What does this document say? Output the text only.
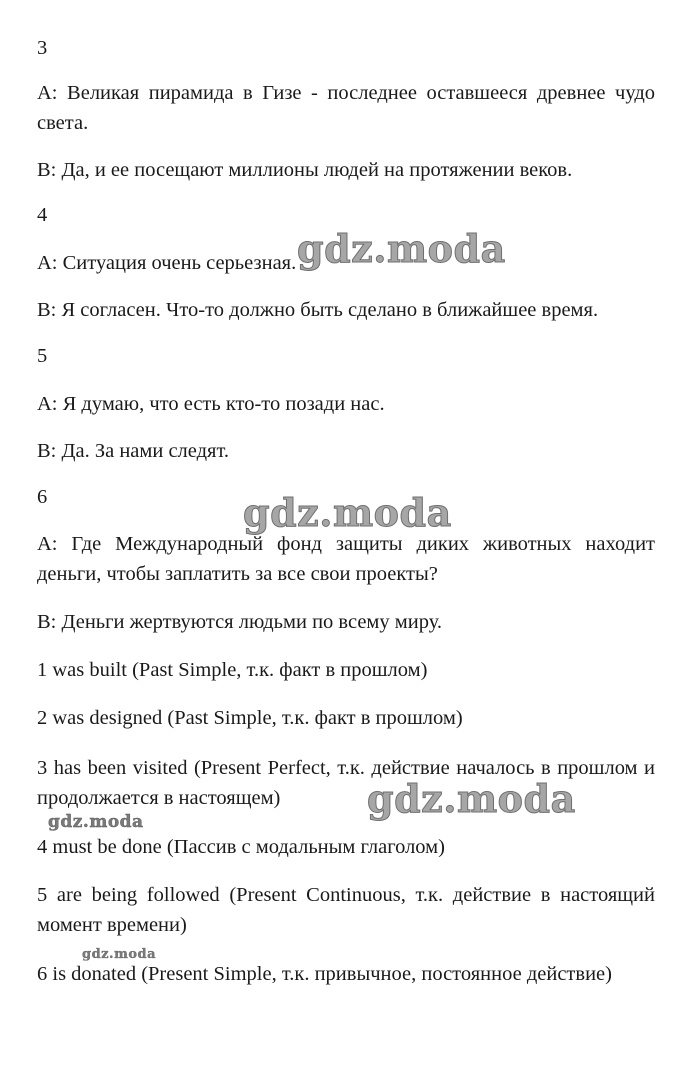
3

А: Великая пирамида в Гизе - последнее оставшееся древнее чудо света.

В: Да, и ее посещают миллионы людей на протяжении веков.

4

А: Ситуация очень серьезная.

В: Я согласен. Что-то должно быть сделано в ближайшее время.

5

А: Я думаю, что есть кто-то позади нас.

В: Да. За нами следят.

6

А: Где Международный фонд защиты диких животных находит деньги, чтобы заплатить за все свои проекты?

В: Деньги жертвуются людьми по всему миру.

1 was built (Past Simple, т.к. факт в прошлом)

2 was designed (Past Simple, т.к. факт в прошлом)

3 has been visited (Present Perfect, т.к. действие началось в прошлом и продолжается в настоящем)

4 must be done (Пассив с модальным глаголом)

5 are being followed (Present Continuous, т.к. действие в настоящий момент времени)

6 is donated (Present Simple, т.к. привычное, постоянное действие)

gdz.moda
gdz.moda
gdz.moda
gdz.moda
gdz.moda
